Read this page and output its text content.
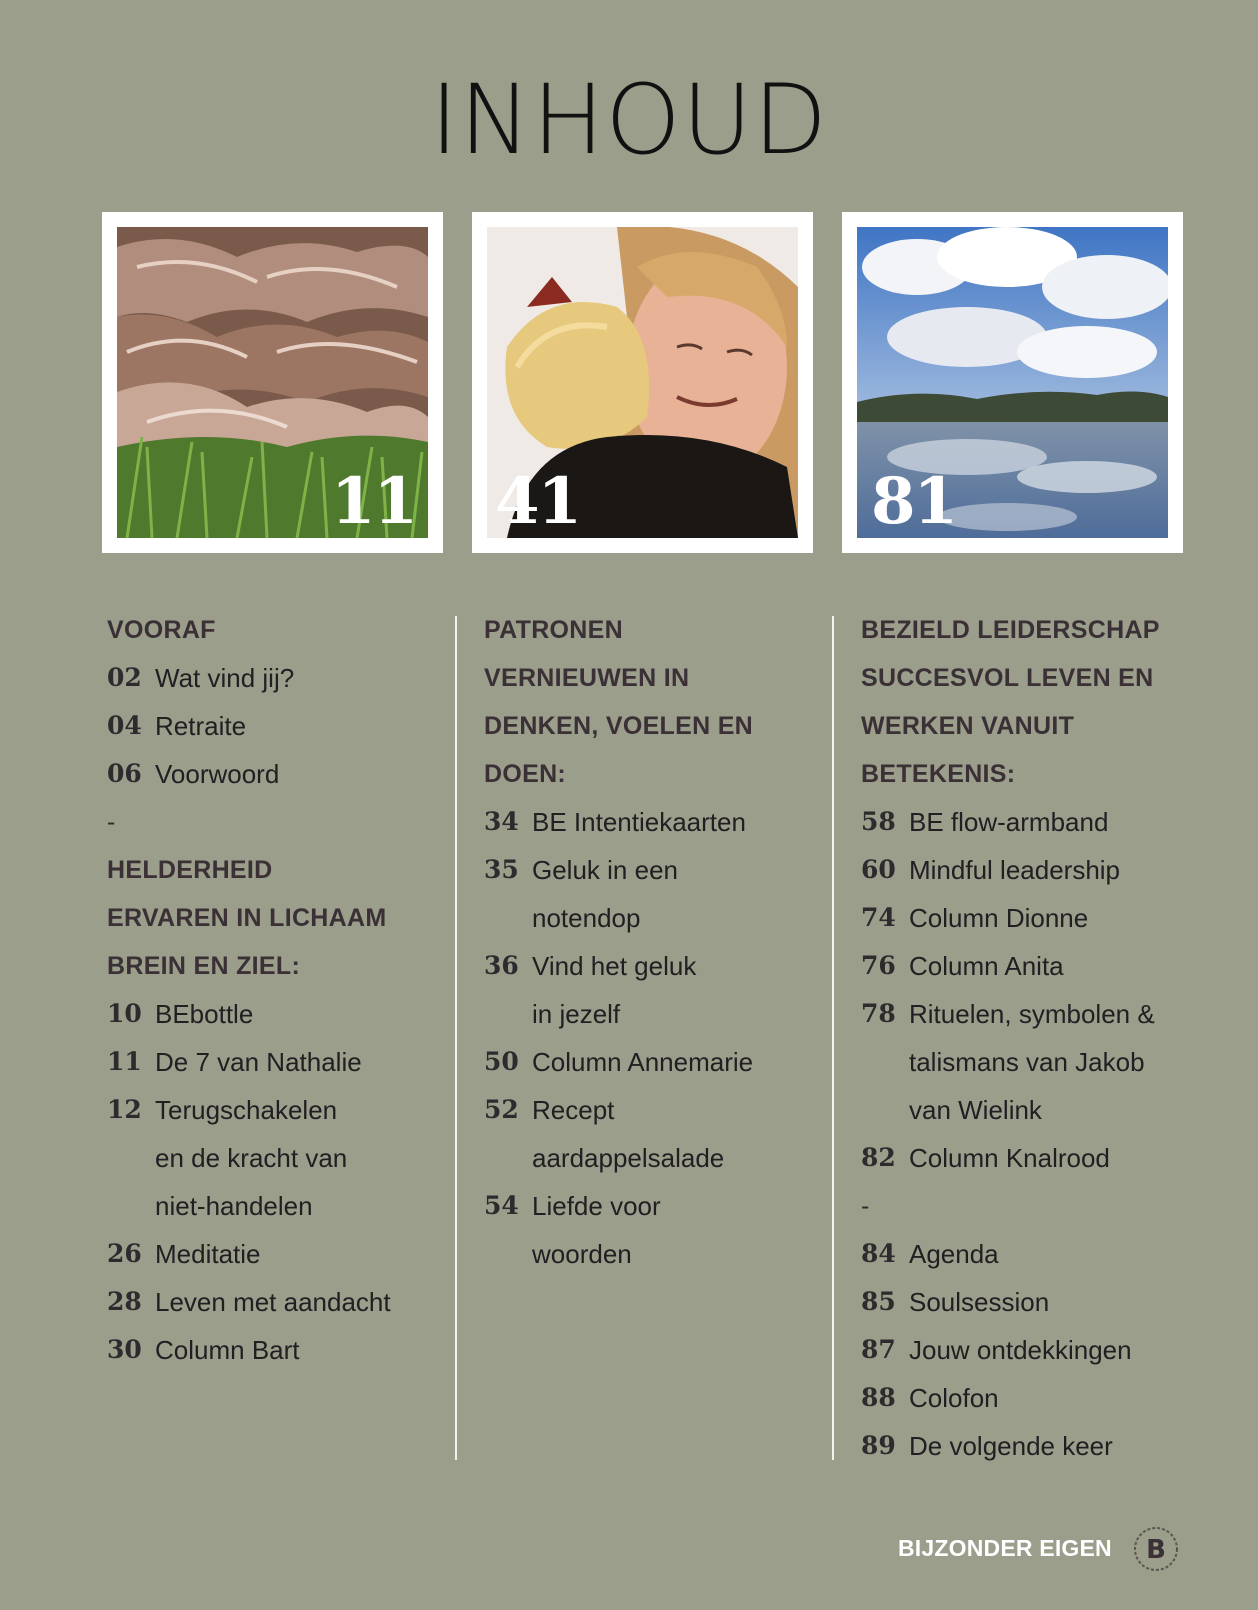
INHOUD
11 41	81
VOORAF
02 Wat vind jij?
04 Retraite
06 Voorwoord
-
HELDERHEID
ERVAREN IN LICHAAM
BREIN EN ZIEL:
10 BEbottle
11 De 7 van Nathalie
12 Terugschakelen
en de kracht van
niet-handelen
26 Meditatie
28 Leven met aandacht
30 Column Bart
PATRONEN
VERNIEUWEN IN
DENKEN, VOELEN EN
DOEN:
34 BE Intentiekaarten
35 Geluk in een
notendop
36 Vind het geluk
in jezelf
50 Column Annemarie
52 Recept
aardappelsalade
54 Liefde voor
woorden
BEZIELD LEIDERSCHAP
SUCCESVOL LEVEN EN
WERKEN VANUIT
BETEKENIS:
58 BE flow-armband
60 Mindful leadership
74 Column Dionne
76 Column Anita
78 Rituelen, symbolen &
talismans van Jakob
van Wielink
82 Column Knalrood
-
84 Agenda
85 Soulsession
87 Jouw ontdekkingen
88 Colofon
89 De volgende keer
BIJZONDER EIGEN B
